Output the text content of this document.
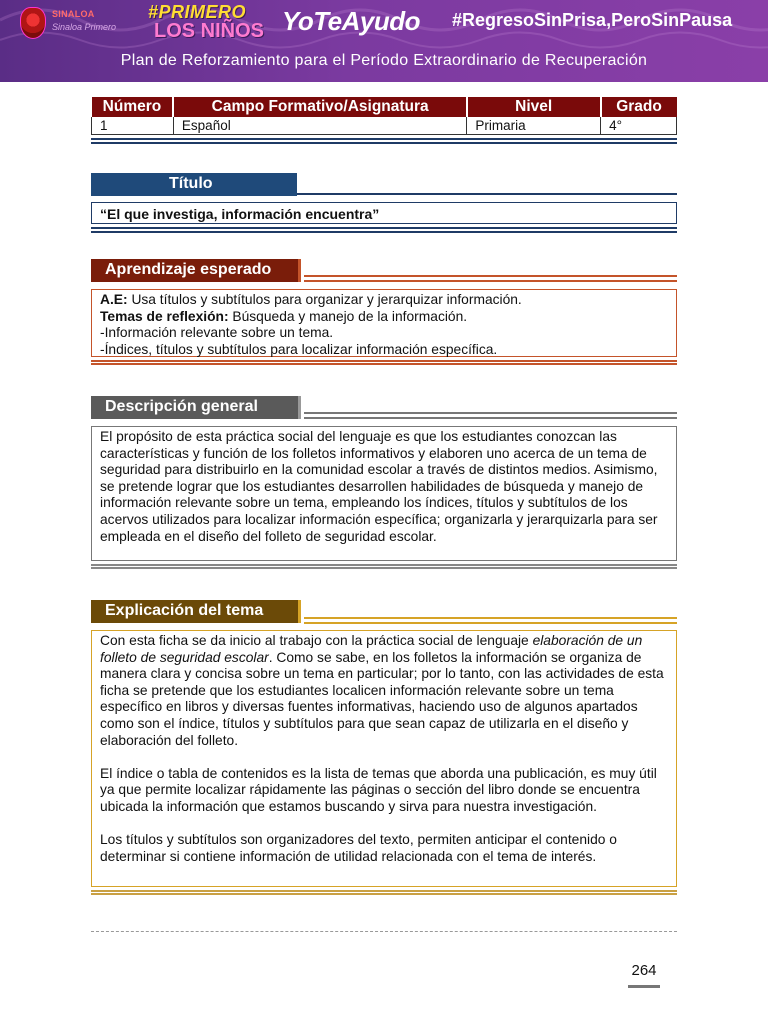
SINALOA
Sinaloa Primero
#PRIMERO
LOS NIÑOS YoTeAyudo #RegresoSinPrisa,PeroSinPausa
Plan de Reforzamiento para el Período Extraordinario de Recuperación
Número	Campo Formativo/Asignatura	Nivel	Grado
1	Español	Primaria	4°
Título
“El que investiga, información encuentra”
Aprendizaje esperado
A.E: Usa títulos y subtítulos para organizar y jerarquizar información.
Temas de reflexión: Búsqueda y manejo de la información.
-Información relevante sobre un tema.
-Índices, títulos y subtítulos para localizar información específica.
Descripción general
El propósito de esta práctica social del lenguaje es que los estudiantes conozcan las características y función de los folletos informativos y elaboren uno acerca de un tema de seguridad para distribuirlo en la comunidad escolar a través de distintos medios. Asimismo, se pretende lograr que los estudiantes desarrollen habilidades de búsqueda y manejo de información relevante sobre un tema, empleando los índices, títulos y subtítulos de los acervos utilizados para localizar información específica; organizarla y jerarquizarla para ser empleada en el diseño del folleto de seguridad escolar.
Explicación del tema

Con esta ficha se da inicio al trabajo con la práctica social de lenguaje elaboración de un folleto de seguridad escolar. Como se sabe, en los folletos la información se organiza de manera clara y concisa sobre un tema en particular; por lo tanto, con las actividades de esta ficha se pretende que los estudiantes localicen información relevante sobre un tema específico en libros y diversas fuentes informativas, haciendo uso de algunos apartados como son el índice, títulos y subtítulos para que sean capaz de utilizarla en el diseño y elaboración del folleto.

El índice o tabla de contenidos es la lista de temas que aborda una publicación, es muy útil ya que permite localizar rápidamente las páginas o sección del libro donde se encuentra ubicada la información que estamos buscando y sirva para nuestra investigación.

Los títulos y subtítulos son organizadores del texto, permiten anticipar el contenido o determinar si contiene información de utilidad relacionada con el tema de interés.

264
